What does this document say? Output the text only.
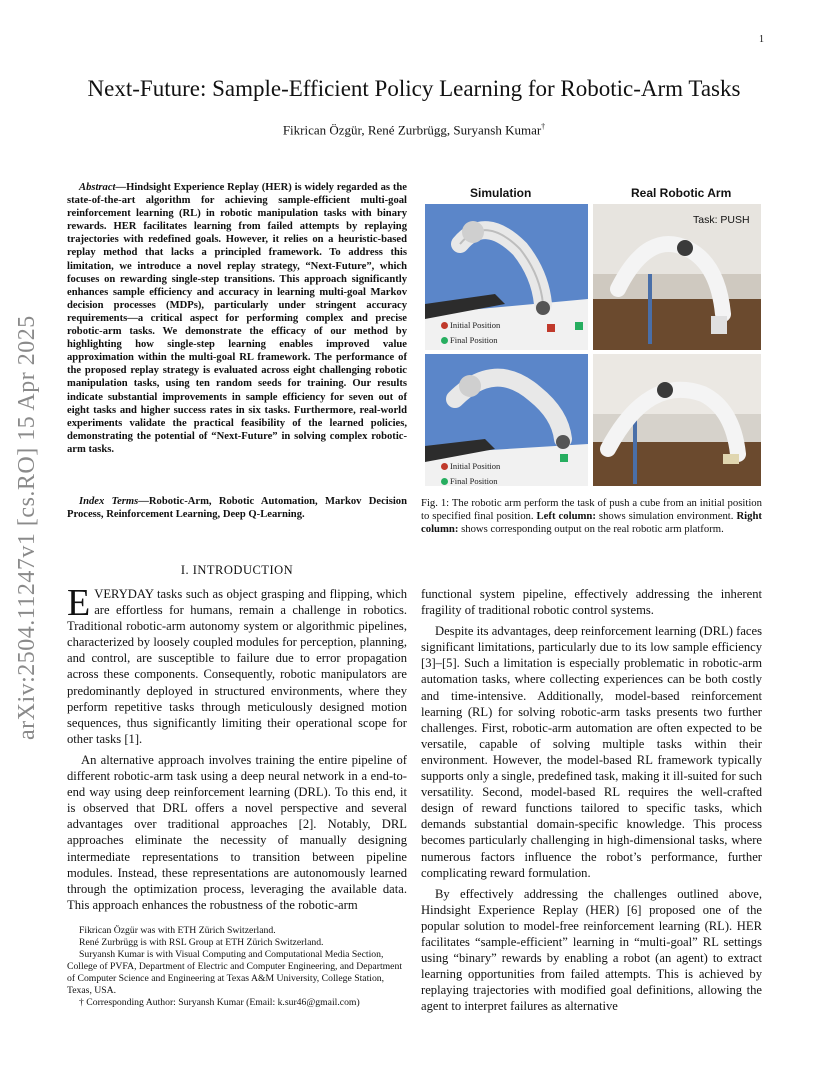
1
arXiv:2504.11247v1 [cs.RO] 15 Apr 2025
Next-Future: Sample-Efficient Policy Learning for Robotic-Arm Tasks
Fikrican Özgür, René Zurbrügg, Suryansh Kumar†
Abstract—Hindsight Experience Replay (HER) is widely regarded as the state-of-the-art algorithm for achieving sample-efficient multi-goal reinforcement learning (RL) in robotic manipulation tasks with binary rewards. HER facilitates learning from failed attempts by replaying trajectories with redefined goals. However, it relies on a heuristic-based replay method that lacks a principled framework. To address this limitation, we introduce a novel replay strategy, “Next-Future”, which focuses on rewarding single-step transitions. This approach significantly enhances sample efficiency and accuracy in learning multi-goal Markov decision processes (MDPs), particularly under stringent accuracy requirements—a critical aspect for performing complex and precise robotic-arm tasks. We demonstrate the efficacy of our method by highlighting how single-step learning enables improved value approximation within the multi-goal RL framework. The performance of the proposed replay strategy is evaluated across eight challenging robotic manipulation tasks, using ten random seeds for training. Our results indicate substantial improvements in sample efficiency for seven out of eight tasks and higher success rates in six tasks. Furthermore, real-world experiments validate the practical feasibility of the learned policies, demonstrating the potential of “Next-Future” in solving complex robotic-arm tasks.
Index Terms—Robotic-Arm, Robotic Automation, Markov Decision Process, Reinforcement Learning, Deep Q-Learning.
Simulation	Real Robotic Arm
Initial Position
Final Position
Task: PUSH
Initial Position
Final Position
Fig. 1: The robotic arm perform the task of push a cube from an initial position to specified final position. Left column: shows simulation environment. Right column: shows corresponding output on the real robotic arm platform.
I. INTRODUCTION

EVERYDAY tasks such as object grasping and flipping, which are effortless for humans, remain a challenge in robotics. Traditional robotic-arm autonomy system or algorithmic pipelines, characterized by loosely coupled modules for perception, planning, and control, are susceptible to failure due to error propagation across these components. Consequently, robotic manipulators are predominantly deployed in structured environments, where they perform repetitive tasks through meticulously designed motion sequences, thus significantly limiting their operational scope for other tasks [1].

An alternative approach involves training the entire pipeline of different robotic-arm task using a deep neural network in a end-to-end way using deep reinforcement learning (DRL). To this end, it is observed that DRL offers a novel perspective and several advantages over traditional approaches [2]. Notably, DRL approaches eliminate the necessity of manually designing intermediate representations to transition between pipeline modules. Instead, these representations are autonomously learned through the optimization process, leveraging the available data. This approach enhances the robustness of the robotic-arm

Fikrican Özgür was with ETH Zürich Switzerland.
René Zurbrügg is with RSL Group at ETH Zürich Switzerland.
Suryansh Kumar is with Visual Computing and Computational Media Section, College of PVFA, Department of Electric and Computer Engineering, and Department of Computer Science and Engineering at Texas A&M University, College Station, Texas, USA.
† Corresponding Author: Suryansh Kumar (Email: k.sur46@gmail.com)

functional system pipeline, effectively addressing the inherent fragility of traditional robotic control systems.

Despite its advantages, deep reinforcement learning (DRL) faces significant limitations, particularly due to its low sample efficiency [3]–[5]. Such a limitation is especially problematic in robotic-arm automation tasks, where collecting experiences can be both costly and time-intensive. Additionally, model-based reinforcement learning (RL) for solving robotic-arm tasks presents two further challenges. First, robotic-arm automation are often expected to be versatile, capable of solving multiple tasks within their environment. However, the model-based RL framework typically supports only a single, predefined task, making it ill-suited for such versatility. Second, model-based RL requires the well-crafted design of reward functions tailored to specific tasks, which demands substantial domain-specific knowledge. This process becomes particularly challenging in high-dimensional tasks, where numerous factors influence the robot’s performance, further complicating reward formulation.

By effectively addressing the challenges outlined above, Hindsight Experience Replay (HER) [6] proposed one of the popular solution to model-free reinforcement learning (RL). HER facilitates “sample-efficient” learning in “multi-goal” RL settings using “binary” rewards by enabling a robot (an agent) to extract learning opportunities from failed attempts. This is achieved by replaying trajectories with modified goal definitions, allowing the agent to interpret failures as alternative
